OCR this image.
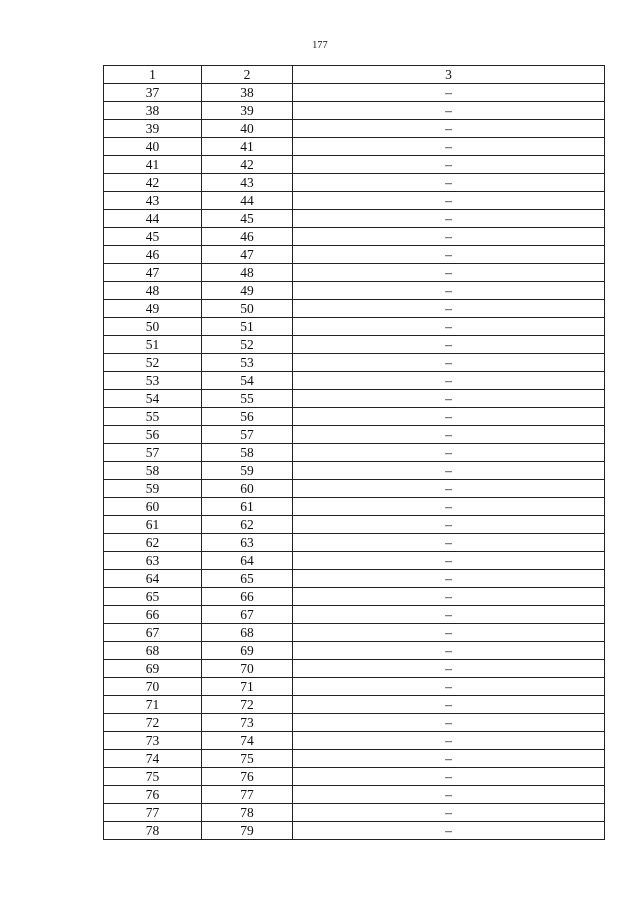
177
1	2	3
37	38	–
38	39	–
39	40	–
40	41	–
41	42	–
42	43	–
43	44	–
44	45	–
45	46	–
46	47	–
47	48	–
48	49	–
49	50	–
50	51	–
51	52	–
52	53	–
53	54	–
54	55	–
55	56	–
56	57	–
57	58	–
58	59	–
59	60	–
60	61	–
61	62	–
62	63	–
63	64	–
64	65	–
65	66	–
66	67	–
67	68	–
68	69	–
69	70	–
70	71	–
71	72	–
72	73	–
73	74	–
74	75	–
75	76	–
76	77	–
77	78	–
78	79	–
